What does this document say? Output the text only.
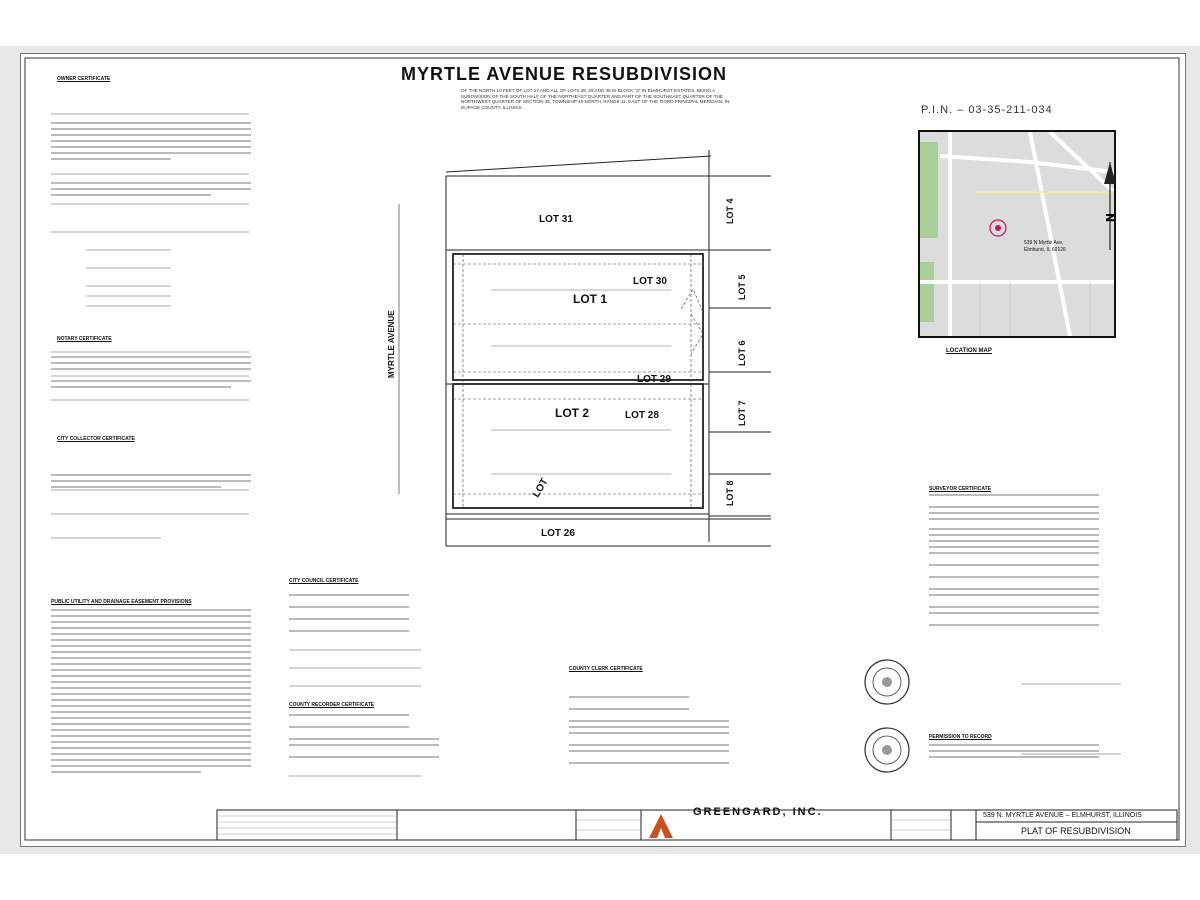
MYRTLE AVENUE RESUBDIVISION
OF THE NORTH 10 FEET OF LOT 27 AND ALL OF LOTS 28, 29 AND 30 IN BLOCK "3" IN ELMHURST ESTATES, BEING A SUBDIVISION OF THE SOUTH HALF OF THE NORTHEAST QUARTER AND PART OF THE SOUTHEAST QUARTER OF THE NORTHWEST QUARTER OF SECTION 35, TOWNSHIP 40 NORTH, RANGE 11, EAST OF THE THIRD PRINCIPAL MERIDIAN, IN DUPAGE COUNTY, ILLINOIS.	P.I.N. – 03-35-211-034
539 N Myrtle Ave,
Elmhurst, IL 60126
LOCATION MAP
N
LOT 31
LOT 30
LOT 1
LOT 29
LOT 2	LOT 28
LOT
LOT 26
LOT 4
LOT 5
LOT 6
LOT 7
LOT 8
MYRTLE AVENUE
OWNER CERTIFICATE
NOTARY CERTIFICATE
CITY COLLECTOR CERTIFICATE
PUBLIC UTILITY AND DRAINAGE EASEMENT PROVISIONS
CITY COUNCIL CERTIFICATE
COUNTY RECORDER CERTIFICATE
COUNTY CLERK CERTIFICATE
SURVEYOR CERTIFICATE
PERMISSION TO RECORD
GREENGARD, INC.	539 N. MYRTLE AVENUE – ELMHURST, ILLINOIS
PLAT OF RESUBDIVISION
